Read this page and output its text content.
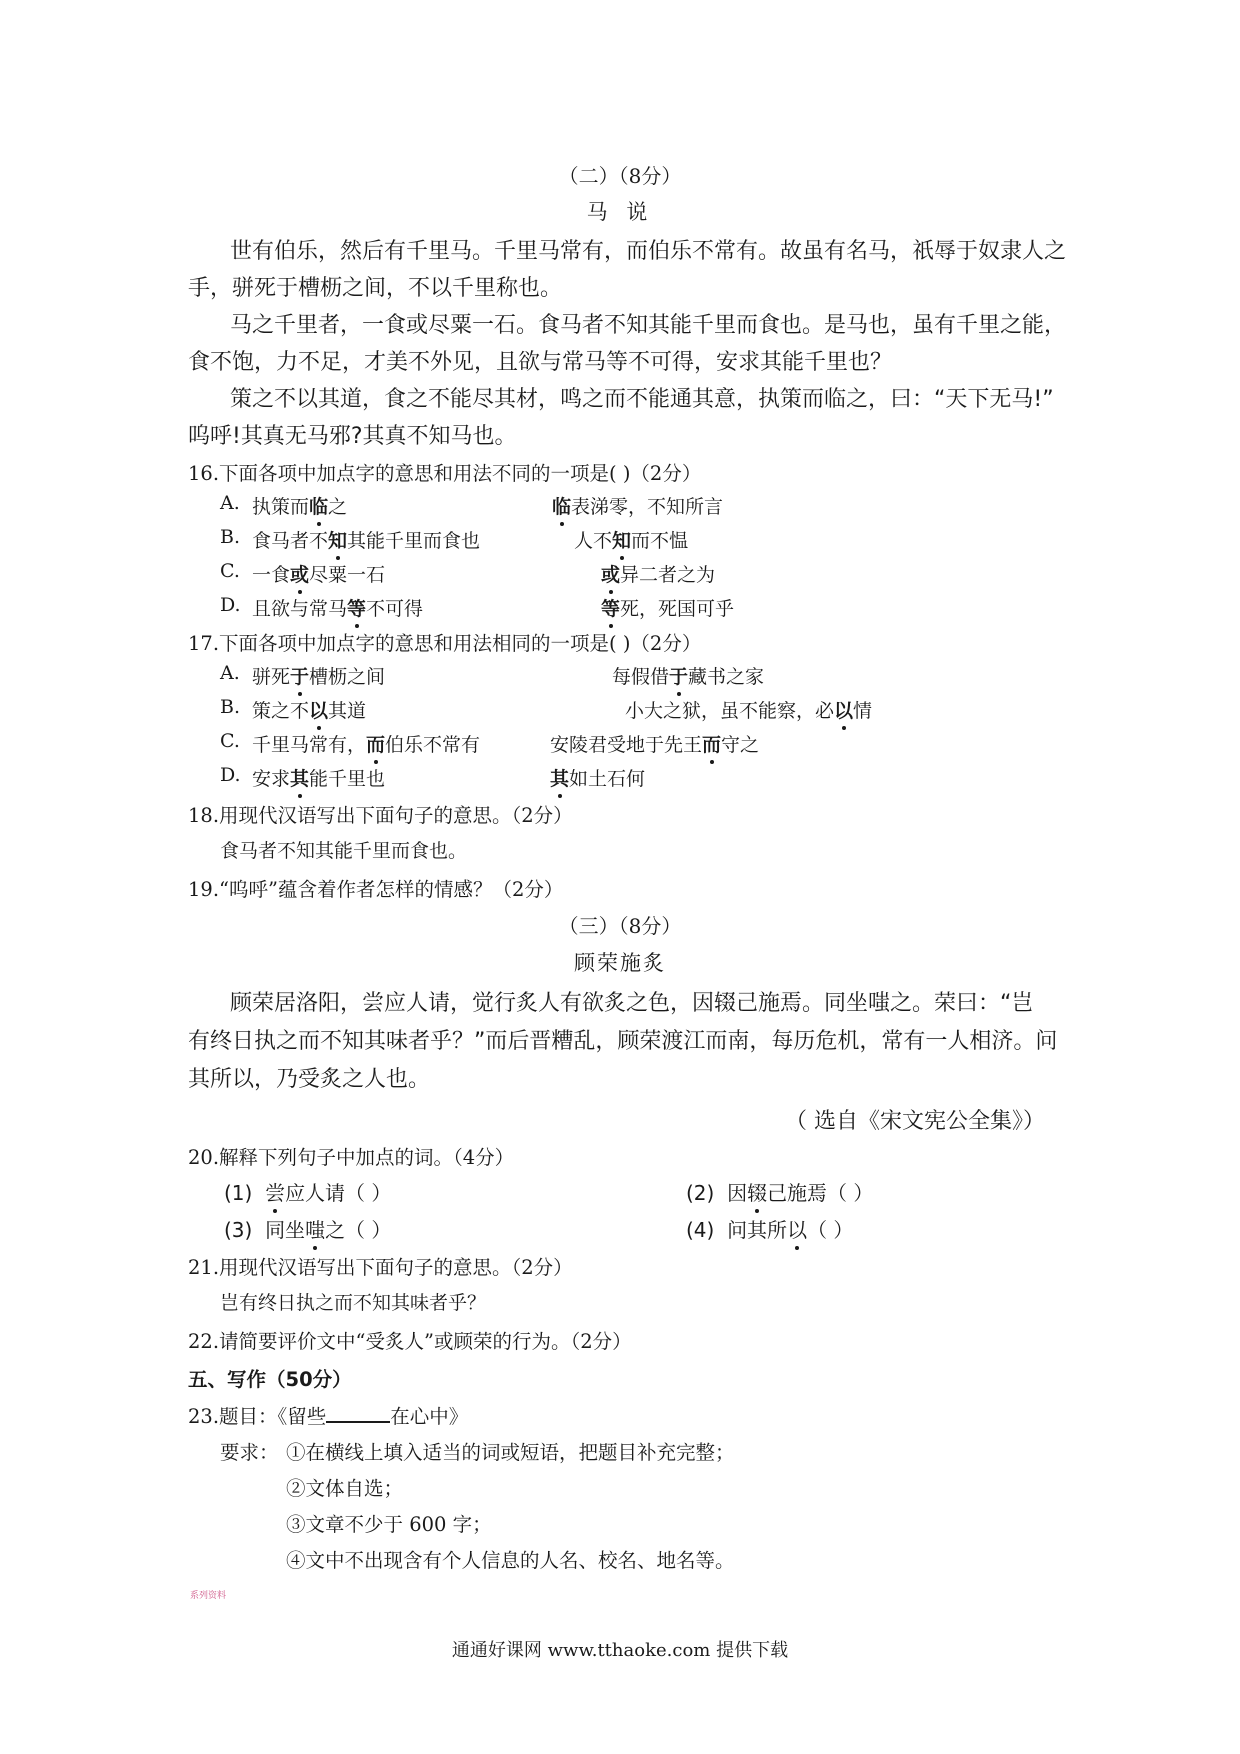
（二）（8分）
马 说
世有伯乐，然后有千里马。千里马常有，而伯乐不常有。故虽有名马，祇辱于奴隶人之
手，骈死于槽枥之间，不以千里称也。
马之千里者，一食或尽粟一石。食马者不知其能千里而食也。是马也，虽有千里之能，
食不饱，力不足，才美不外见，且欲与常马等不可得，安求其能千里也？
策之不以其道，食之不能尽其材，鸣之而不能通其意，执策而临之，曰：“天下无马!”
呜呼!其真无马邪?其真不知马也。
16.下面各项中加点字的意思和用法不同的一项是( )（2分）
A. 执策而临之	临表涕零，不知所言
B. 食马者不知其能千里而食也	人不知而不愠
C. 一食或尽粟一石	或异二者之为
D. 且欲与常马等不可得	等死，死国可乎
17.下面各项中加点字的意思和用法相同的一项是( )（2分）
A. 骈死于槽枥之间	每假借于藏书之家
B. 策之不以其道	小大之狱，虽不能察，必以情
C. 千里马常有，而伯乐不常有	安陵君受地于先王而守之
D. 安求其能千里也	其如土石何
18.用现代汉语写出下面句子的意思。（2分）
食马者不知其能千里而食也。
19.“呜呼”蕴含着作者怎样的情感？（2分）
（三）（8分）
顾荣施炙
顾荣居洛阳，尝应人请，觉行炙人有欲炙之色，因辍己施焉。同坐嗤之。荣曰：“岂
有终日执之而不知其味者乎？”而后晋糟乱，顾荣渡江而南，每历危机，常有一人相济。问
其所以，乃受炙之人也。
（ 选自《宋文宪公全集》）
20.解释下列句子中加点的词。（4分）
(1) 尝应人请（ ）	(2) 因辍己施焉（ ）
(3) 同坐嗤之（ ）	(4) 问其所以（ ）
21.用现代汉语写出下面句子的意思。（2分）
岂有终日执之而不知其味者乎？
22.请简要评价文中“受炙人”或顾荣的行为。（2分）
五、写作（50分）
23.题目：《留些	在心中》
要求： ①在横线上填入适当的词或短语，把题目补充完整；
②文体自选；
③文章不少于 600 字；
④文中不出现含有个人信息的人名、校名、地名等。
系列资料
通通好课网 www.tthaoke.com 提供下载
